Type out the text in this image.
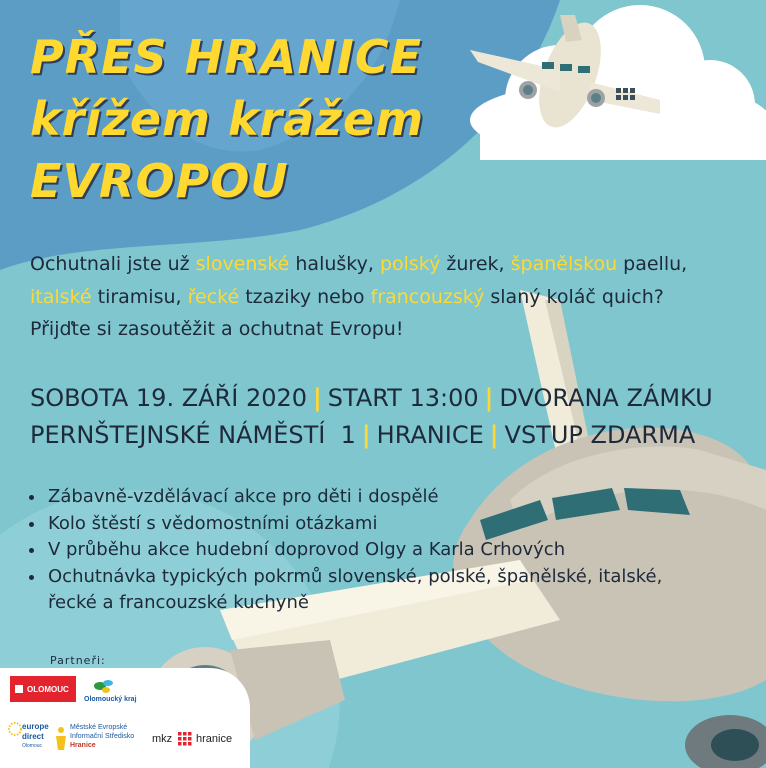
PŘES HRANICE
křížem krážem
EVROPOU

Ochutnali jste už slovenské halušky, polský žurek, španělskou paellu,
italské tiramisu, řecké tzaziky nebo francouzský slaný koláč quich?
Přijďte si zasoutěžit a ochutnat Evropu!

SOBOTA 19. ZÁŘÍ 2020 | START 13:00 | DVORANA ZÁMKU
PERNŠTEJNSKÉ NÁMĚSTÍ  1 | HRANICE | VSTUP ZDARMA
• Zábavně-vzdělávací akce pro děti i dospělé
• Kolo štěstí s vědomostními otázkami
• V průběhu akce hudební doprovod Olgy a Karla Crhových
• Ochutnávka typických pokrmů slovenské, polské, španělské, italské,
řecké a francouzské kuchyně
Partneři:
OLOMOUC
Olomoucký kraj
europe
direct
Olomouc
Městské Evropské
Informační Středisko
Hranice
mkz hranice
